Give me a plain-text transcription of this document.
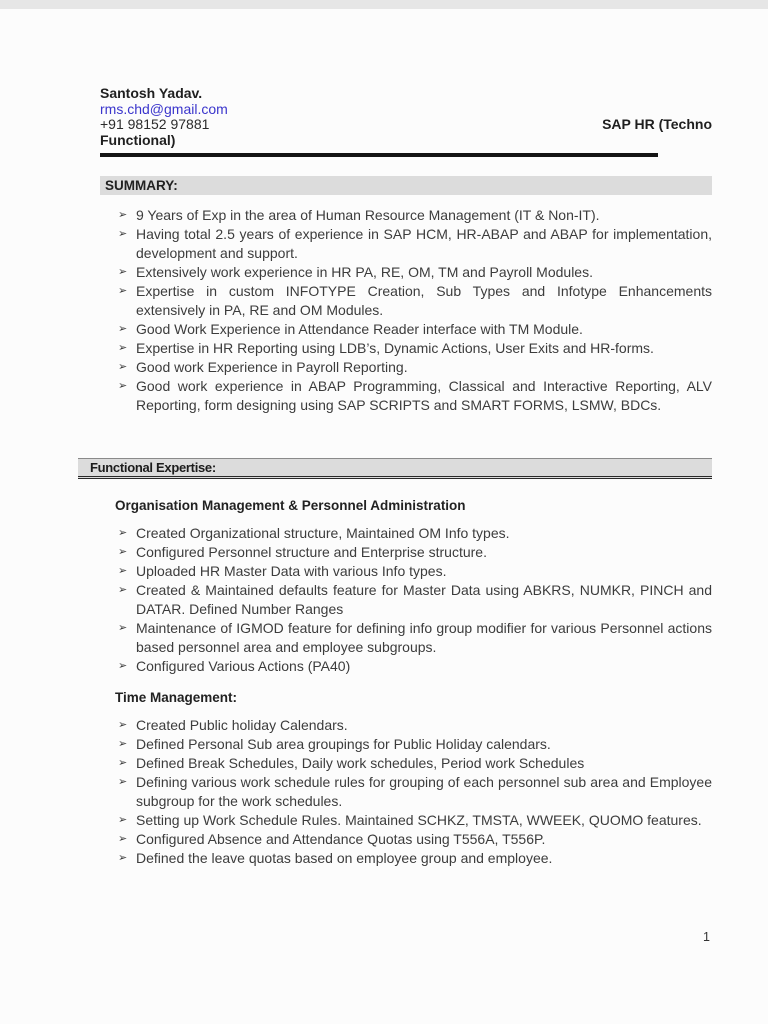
Santosh Yadav.
rms.chd@gmail.com
+91 98152 97881	SAP HR (Techno
Functional)
SUMMARY:
➢ 9 Years of Exp in the area of Human Resource Management (IT & Non-IT).
➢ Having total 2.5 years of experience in SAP HCM, HR-ABAP and ABAP for implementation, development and support.
➢ Extensively work experience in HR PA, RE, OM, TM and Payroll Modules.
➢ Expertise in custom INFOTYPE Creation, Sub Types and Infotype Enhancements extensively in PA, RE and OM Modules.
➢ Good Work Experience in Attendance Reader interface with TM Module.
➢ Expertise in HR Reporting using LDB’s, Dynamic Actions, User Exits and HR-forms.
➢ Good work Experience in Payroll Reporting.
➢ Good work experience in ABAP Programming, Classical and Interactive Reporting, ALV Reporting, form designing using SAP SCRIPTS and SMART FORMS, LSMW, BDCs.
Functional Expertise:
Organisation Management & Personnel Administration
➢ Created Organizational structure, Maintained OM Info types.
➢ Configured Personnel structure and Enterprise structure.
➢ Uploaded HR Master Data with various Info types.
➢ Created & Maintained defaults feature for Master Data using ABKRS, NUMKR, PINCH and DATAR. Defined Number Ranges
➢ Maintenance of IGMOD feature for defining info group modifier for various Personnel actions based personnel area and employee subgroups.
➢ Configured Various Actions (PA40)
Time Management:
➢ Created Public holiday Calendars.
➢ Defined Personal Sub area groupings for Public Holiday calendars.
➢ Defined Break Schedules, Daily work schedules, Period work Schedules
➢ Defining various work schedule rules for grouping of each personnel sub area and Employee subgroup for the work schedules.
➢ Setting up Work Schedule Rules. Maintained SCHKZ, TMSTA, WWEEK, QUOMO features.
➢ Configured Absence and Attendance Quotas using T556A, T556P.
➢ Defined the leave quotas based on employee group and employee.
1
